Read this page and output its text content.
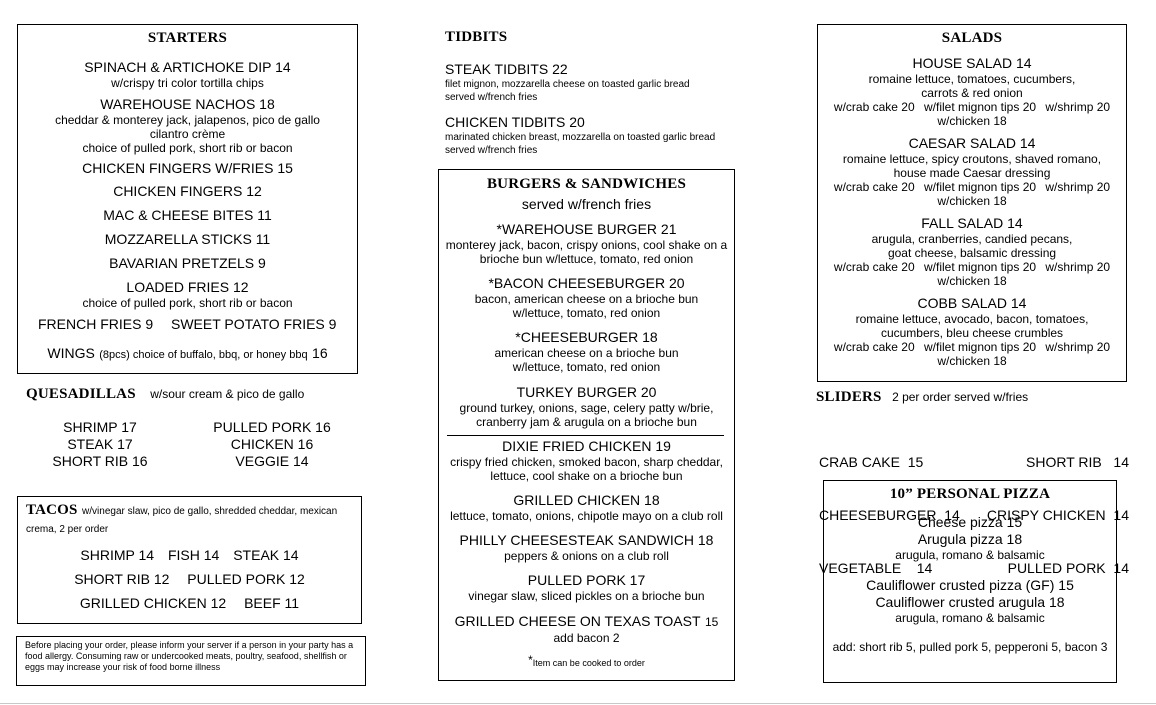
STARTERS
SPINACH & ARTICHOKE DIP 14
w/crispy tri color tortilla chips
WAREHOUSE NACHOS 18
cheddar & monterey jack, jalapenos, pico de gallo
cilantro crème
choice of pulled pork, short rib or bacon
CHICKEN FINGERS W/FRIES 15
CHICKEN FINGERS 12
MAC & CHEESE BITES 11
MOZZARELLA STICKS 11
BAVARIAN PRETZELS 9
LOADED FRIES 12
choice of pulled pork, short rib or bacon
FRENCH FRIES 9 SWEET POTATO FRIES 9
WINGS (8pcs) choice of buffalo, bbq, or honey bbq 16
QUESADILLAS w/sour cream & pico de gallo
SHRIMP 17
STEAK 17
SHORT RIB 16
PULLED PORK 16
CHICKEN 16
VEGGIE 14
TACOS w/vinegar slaw, pico de gallo, shredded cheddar, mexican crema, 2 per order
SHRIMP 14 FISH 14 STEAK 14
SHORT RIB 12 PULLED PORK 12
GRILLED CHICKEN 12 BEEF 11
Before placing your order, please inform your server if a person in your party has a food allergy. Consuming raw or undercooked meats, poultry, seafood, shellfish or eggs may increase your risk of food borne illness
TIDBITS
STEAK TIDBITS 22
filet mignon, mozzarella cheese on toasted garlic bread
served w/french fries
CHICKEN TIDBITS 20
marinated chicken breast, mozzarella on toasted garlic bread
served w/french fries
BURGERS & SANDWICHES
served w/french fries
*WAREHOUSE BURGER 21
monterey jack, bacon, crispy onions, cool shake on a
brioche bun w/lettuce, tomato, red onion
*BACON CHEESEBURGER 20
bacon, american cheese on a brioche bun
w/lettuce, tomato, red onion
*CHEESEBURGER 18
american cheese on a brioche bun
w/lettuce, tomato, red onion
TURKEY BURGER 20
ground turkey, onions, sage, celery patty w/brie,
cranberry jam & arugula on a brioche bun
DIXIE FRIED CHICKEN 19
crispy fried chicken, smoked bacon, sharp cheddar,
lettuce, cool shake on a brioche bun
GRILLED CHICKEN 18
lettuce, tomato, onions, chipotle mayo on a club roll
PHILLY CHEESESTEAK SANDWICH 18
peppers & onions on a club roll
PULLED PORK 17
vinegar slaw, sliced pickles on a brioche bun
GRILLED CHEESE ON TEXAS TOAST 15
add bacon 2
*Item can be cooked to order
SALADS
HOUSE SALAD 14
romaine lettuce, tomatoes, cucumbers,
carrots & red onion
w/crab cake 20 w/filet mignon tips 20 w/shrimp 20
w/chicken 18
CAESAR SALAD 14
romaine lettuce, spicy croutons, shaved romano,
house made Caesar dressing
w/crab cake 20 w/filet mignon tips 20 w/shrimp 20
w/chicken 18
FALL SALAD 14
arugula, cranberries, candied pecans,
goat cheese, balsamic dressing
w/crab cake 20 w/filet mignon tips 20 w/shrimp 20
w/chicken 18
COBB SALAD 14
romaine lettuce, avocado, bacon, tomatoes,
cucumbers, bleu cheese crumbles
w/crab cake 20 w/filet mignon tips 20 w/shrimp 20
w/chicken 18
SLIDERS 2 per order served w/fries

CRAB CAKE  15

CHEESEBURGER  14

VEGETABLE    14

SHORT RIB   14

CRISPY CHICKEN  14

PULLED PORK  14

10” PERSONAL PIZZA
Cheese pizza 15
Arugula pizza 18
arugula, romano & balsamic
Cauliflower crusted pizza (GF) 15
Cauliflower crusted arugula 18
arugula, romano & balsamic
add: short rib 5, pulled pork 5, pepperoni 5, bacon 3
